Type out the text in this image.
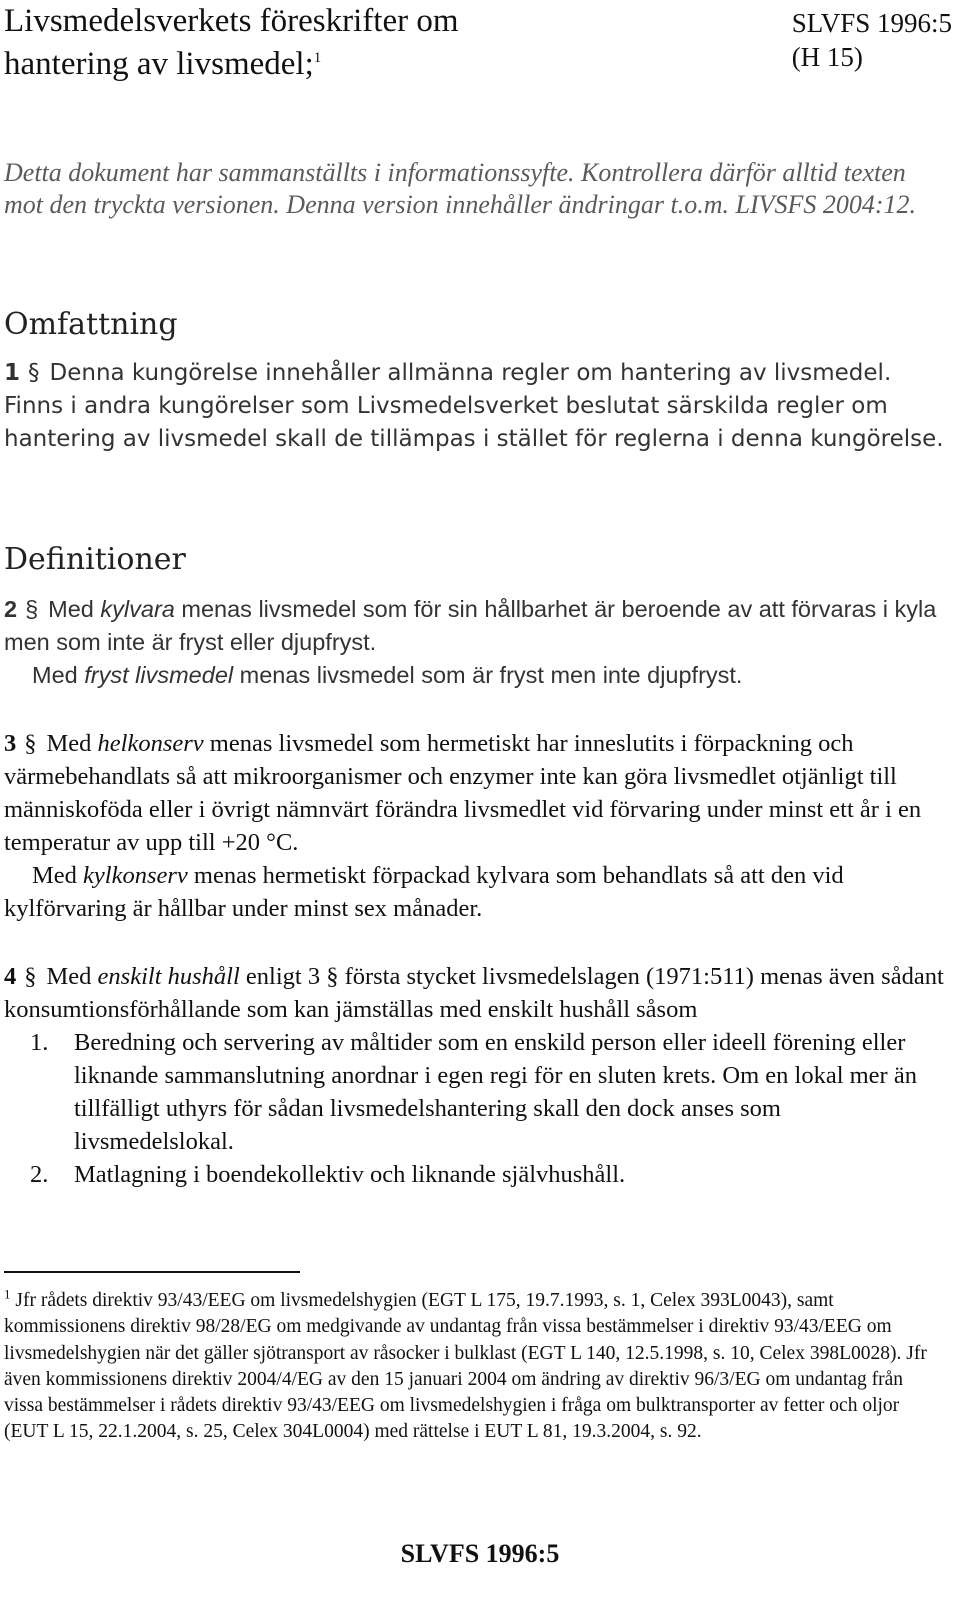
Livsmedelsverkets föreskrifter om
hantering av livsmedel;$^1$
SLVFS 1996:5
(H 15)
Detta dokument har sammanställts i informationssyfte. Kontrollera därför alltid texten mot den tryckta versionen. Denna version innehåller ändringar t.o.m. LIVSFS 2004:12.
Omfattning

1 § Denna kungörelse innehåller allmänna regler om hantering av livsmedel. Finns i andra kungörelser som Livsmedelsverket beslutat särskilda regler om hantering av livsmedel skall de tillämpas i stället för reglerna i denna kungörelse.

Definitioner

2 § Med kylvara menas livsmedel som för sin hållbarhet är beroende av att förvaras i kyla men som inte är fryst eller djupfryst.

Med fryst livsmedel menas livsmedel som är fryst men inte djupfryst.

3 § Med helkonserv menas livsmedel som hermetiskt har inneslutits i förpackning och värmebehandlats så att mikroorganismer och enzymer inte kan göra livsmedlet otjänligt till människoföda eller i övrigt nämnvärt förändra livsmedlet vid förvaring under minst ett år i en temperatur av upp till +20 °C.

Med kylkonserv menas hermetiskt förpackad kylvara som behandlats så att den vid kylförvaring är hållbar under minst sex månader.

4 § Med enskilt hushåll enligt 3 § första stycket livsmedelslagen (1971:511) menas även sådant konsumtionsförhållande som kan jämställas med enskilt hushåll såsom

1. Beredning och servering av måltider som en enskild person eller ideell förening eller liknande sammanslutning anordnar i egen regi för en sluten krets. Om en lokal mer än tillfälligt uthyrs för sådan livsmedelshantering skall den dock anses som livsmedelslokal.
2. Matlagning i boendekollektiv och liknande självhushåll.
$^1$ Jfr rådets direktiv 93/43/EEG om livsmedelshygien (EGT L 175, 19.7.1993, s. 1, Celex 393L0043), samt kommissionens direktiv 98/28/EG om medgivande av undantag från vissa bestämmelser i direktiv 93/43/EEG om livsmedelshygien när det gäller sjötransport av råsocker i bulklast (EGT L 140, 12.5.1998, s. 10, Celex 398L0028). Jfr även kommissionens direktiv 2004/4/EG av den 15 januari 2004 om ändring av direktiv 96/3/EG om undantag från vissa bestämmelser i rådets direktiv 93/43/EEG om livsmedelshygien i fråga om bulktransporter av fetter och oljor (EUT L 15, 22.1.2004, s. 25, Celex 304L0004) med rättelse i EUT L 81, 19.3.2004, s. 92.
SLVFS 1996:5
